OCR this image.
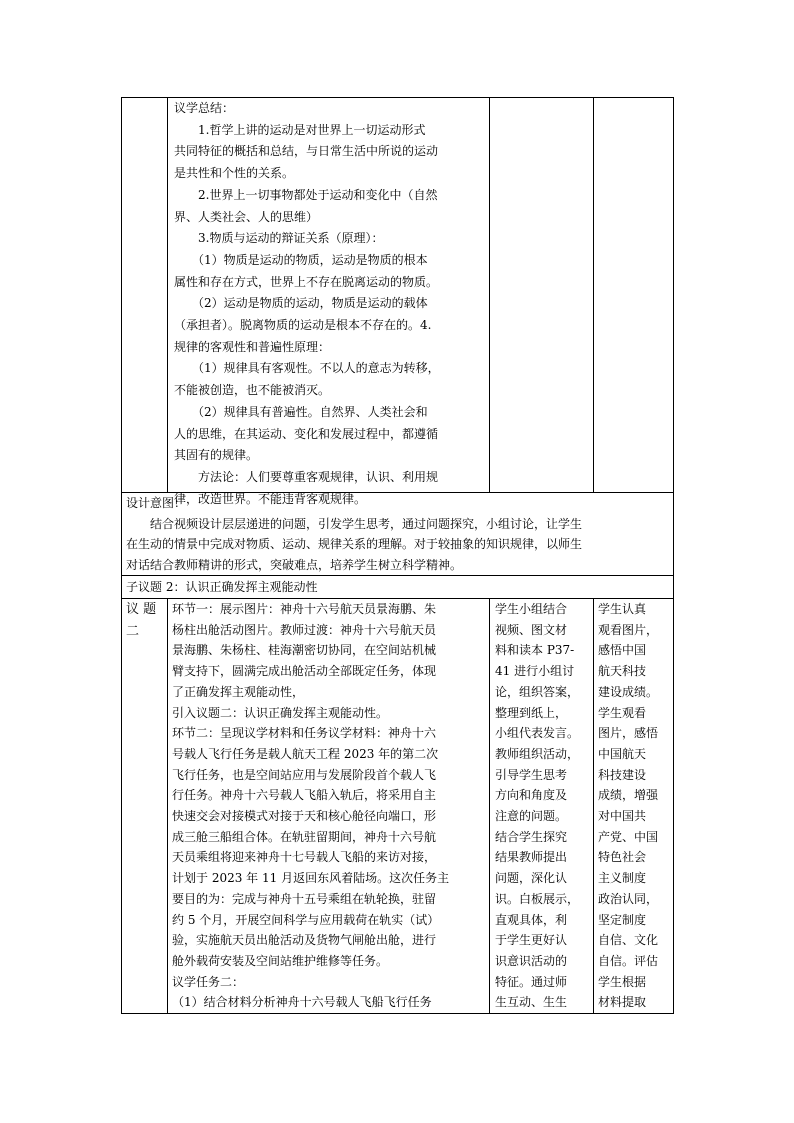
议学总结：

　　1.哲学上讲的运动是对世界上一切运动形式

共同特征的概括和总结，与日常生活中所说的运动

是共性和个性的关系。

　　2.世界上一切事物都处于运动和变化中（自然

界、人类社会、人的思维）

　　3.物质与运动的辩证关系（原理）：

　　（1）物质是运动的物质，运动是物质的根本

属性和存在方式，世界上不存在脱离运动的物质。

　　（2）运动是物质的运动，物质是运动的载体

（承担者）。脱离物质的运动是根本不存在的。4.

规律的客观性和普遍性原理：

　　（1）规律具有客观性。不以人的意志为转移，

不能被创造，也不能被消灭。

　　（2）规律具有普遍性。自然界、人类社会和

人的思维，在其运动、变化和发展过程中，都遵循

其固有的规律。

　　方法论：人们要尊重客观规律，认识、利用规

律，改造世界。不能违背客观规律。

设计意图：

　　结合视频设计层层递进的问题，引发学生思考，通过问题探究，小组讨论，让学生

在生动的情景中完成对物质、运动、规律关系的理解。对于较抽象的知识规律，以师生

对话结合教师精讲的形式，突破难点，培养学生树立科学精神。

子议题 2：认识正确发挥主观能动性

议 题

二

环节一：展示图片：神舟十六号航天员景海鹏、朱

杨柱出舱活动图片。教师过渡：神舟十六号航天员

景海鹏、朱杨柱、桂海潮密切协同，在空间站机械

臂支持下，圆满完成出舱活动全部既定任务，体现

了正确发挥主观能动性，

引入议题二：认识正确发挥主观能动性。

环节二：呈现议学材料和任务议学材料：神舟十六

号载人飞行任务是载人航天工程 2023 年的第二次

飞行任务，也是空间站应用与发展阶段首个载人飞

行任务。神舟十六号载人飞船入轨后，将采用自主

快速交会对接模式对接于天和核心舱径向端口，形

成三舱三船组合体。在轨驻留期间，神舟十六号航

天员乘组将迎来神舟十七号载人飞船的来访对接，

计划于 2023 年 11 月返回东风着陆场。这次任务主

要目的为：完成与神舟十五号乘组在轨轮换，驻留

约 5 个月，开展空间科学与应用载荷在轨实（试）

验，实施航天员出舱活动及货物气闸舱出舱，进行

舱外载荷安装及空间站维护维修等任务。

议学任务二：

（1）结合材料分析神舟十六号载人飞船飞行任务

学生小组结合

视频、图文材

料和读本 P37-

41 进行小组讨

论，组织答案，

整理到纸上，

小组代表发言。

教师组织活动，

引导学生思考

方向和角度及

注意的问题。

结合学生探究

结果教师提出

问题，深化认

识。白板展示，

直观具体，利

于学生更好认

识意识活动的

特征。通过师

生互动、生生

学生认真

观看图片，

感悟中国

航天科技

建设成绩。

学生观看

图片，感悟

中国航天

科技建设

成绩，增强

对中国共

产党、中国

特色社会

主义制度

政治认同，

坚定制度

自信、文化

自信。评估

学生根据

材料提取
